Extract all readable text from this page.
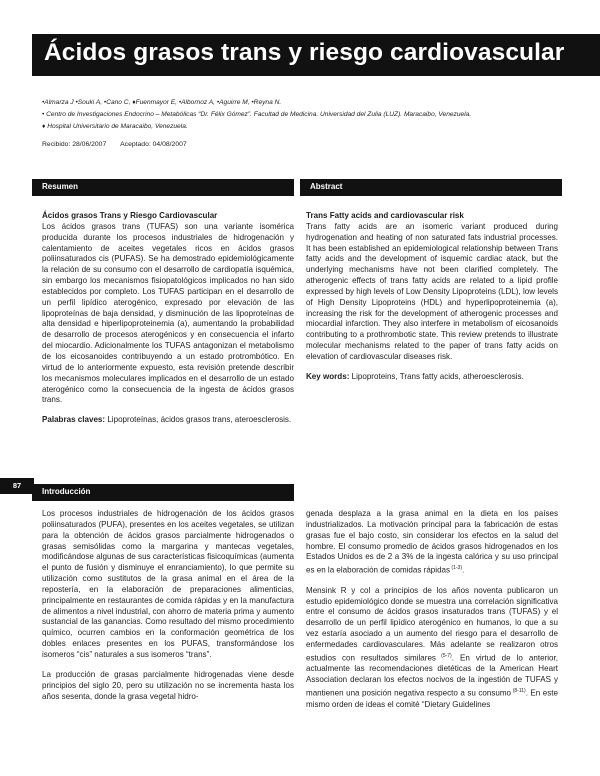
Ácidos grasos trans y riesgo cardiovascular

•Almarza J •Souki A, •Cano C, ♦Fuenmayor E, •Albornoz A, •Aguirre M, •Reyna N.

• Centro de Investigaciones Endocrino – Metabólicas “Dr. Félix Gómez”. Facultad de Medicina. Universidad del Zulia (LUZ). Maracaibo, Venezuela.

♦ Hospital Universitario de Maracaibo, Venezuela.

Recibido: 28/06/2007 Aceptado: 04/08/2007
Resumen	Abstract
Ácidos grasos Trans y Riesgo Cardiovascular

Los ácidos grasos trans (TUFAS) son una variante isomérica producida durante los procesos industriales de hidrogenación y calentamiento de aceites vegetales ricos en ácidos grasos poliinsaturados cis (PUFAS). Se ha demostrado epidemiológicamente la relación de su consumo con el desarrollo de cardiopatía isquémica, sin embargo los mecanismos fisiopatológicos implicados no han sido establecidos por completo. Los TUFAS participan en el desarrollo de un perfil lipídico aterogénico, expresado por elevación de las lipoproteínas de baja densidad, y disminución de las lipoproteínas de alta densidad e hiperlipoproteinemia (a), aumentando la probabilidad de desarrollo de procesos aterogénicos y en consecuencia el infarto del miocardio. Adicionalmente los TUFAS antagonizan el metabolismo de los eicosanoides contribuyendo a un estado protrombótico. En virtud de lo anteriormente expuesto, esta revisión pretende describir los mecanismos moleculares implicados en el desarrollo de un estado aterogénico como la consecuencia de la ingesta de ácidos grasos trans.

Palabras claves: Lipoproteínas, ácidos grasos trans, ateroesclerosis.

Trans Fatty acids and cardiovascular risk

Trans fatty acids are an isomeric variant produced during hydrogenation and heating of non saturated fats industrial processes. It has been established an epidemiological relationship between Trans fatty acids and the development of isquemic cardiac atack, but the underlying mechanisms have not been clarified completely. The atherogenic effects of trans fatty acids are related to a lipid profile expressed by high levels of Low Density Lipoproteins (LDL), low levels of High Density Lipoproteins (HDL) and hyperlipoproteinemia (a), increasing the risk for the development of atherogenic processes and miocardial infarction. They also interfere in metabolism of eicosanoids contributing to a prothrombotic state. This review pretends to illustrate molecular mechanisms related to the paper of trans fatty acids on elevation of cardiovascular diseases risk.

Key words: Lipoproteins, Trans fatty acids, atheroesclerosis.

87
Introducción

Los procesos industriales de hidrogenación de los ácidos grasos poliinsaturados (PUFA), presentes en los aceites vegetales, se utilizan para la obtención de ácidos grasos parcialmente hidrogenados o grasas semisólidas como la margarina y mantecas vegetales, modificándose algunas de sus características fisicoquímicas (aumenta el punto de fusión y disminuye el enranciamiento), lo que permite su utilización como sustitutos de la grasa animal en el área de la repostería, en la elaboración de preparaciones alimenticias, principalmente en restaurantes de comida rápidas y en la manufactura de alimentos a nivel industrial, con ahorro de materia prima y aumento sustancial de las ganancias. Como resultado del mismo procedimiento químico, ocurren cambios en la conformación geométrica de los dobles enlaces presentes en los PUFAS, transformándose los isomeros “cis” naturales a sus isomeros “trans”.

La producción de grasas parcialmente hidrogenadas viene desde principios del siglo 20, pero su utilización no se incrementa hasta los años sesenta, donde la grasa vegetal hidro-

genada desplaza a la grasa animal en la dieta en los países industrializados. La motivación principal para la fabricación de estas grasas fue el bajo costo, sin considerar los efectos en la salud del hombre. El consumo promedio de ácidos grasos hidrogenados en los Estados Unidos es de 2 a 3% de la ingesta calórica y su uso principal es en la elaboración de comidas rápidas $^{(1-3)}$.

Mensink R y col a principios de los años noventa publicaron un estudio epidemiológico donde se muestra una correlación significativa entre el consumo de ácidos grasos insaturados trans (TUFAS) y el desarrollo de un perfil lipídico aterogénico en humanos, lo que a su vez estaría asociado a un aumento del riesgo para el desarrollo de enfermedades cardiovasculares. Más adelante se realizaron otros estudios con resultados similares $^{(5-7)}$. En virtud de lo anterior, actualmente las recomendaciones dietéticas de la American Heart Association declaran los efectos nocivos de la ingestión de TUFAS y mantienen una posición negativa respecto a su consumo $^{(8-11)}$. En este mismo orden de ideas el comité “Dietary Guidelines
